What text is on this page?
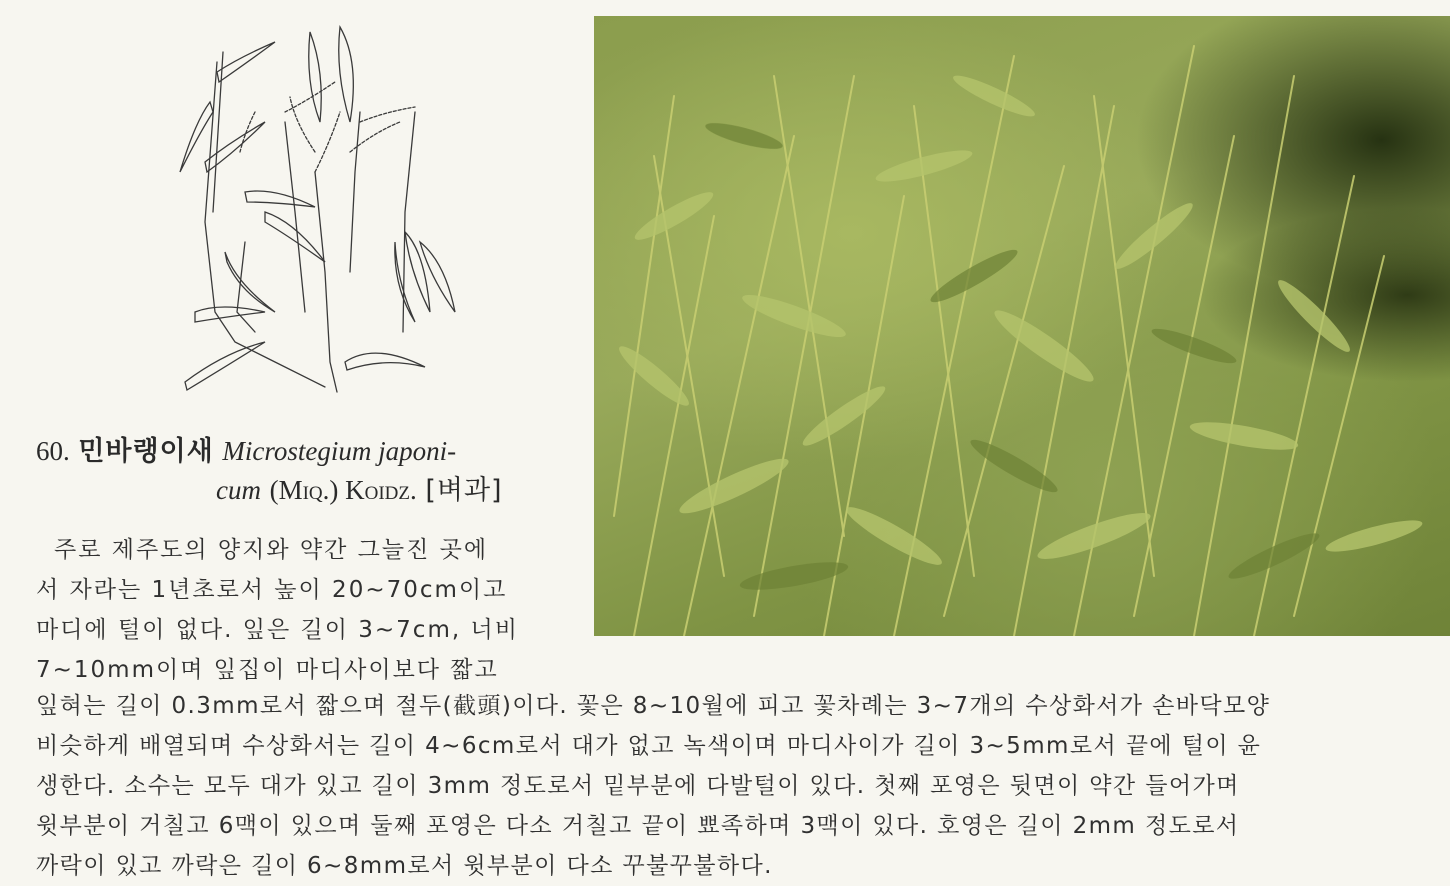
60. 민바랭이새 Microstegium japoni-
cum (Miq.) Koidz. [벼과]
주로 제주도의 양지와 약간 그늘진 곳에
서 자라는 1년초로서 높이 20~70cm이고
마디에 털이 없다. 잎은 길이 3~7cm, 너비
7~10mm이며 잎집이 마디사이보다 짧고
잎혀는 길이 0.3mm로서 짧으며 절두(截頭)이다. 꽃은 8~10월에 피고 꽃차례는 3~7개의 수상화서가 손바닥모양
비슷하게 배열되며 수상화서는 길이 4~6cm로서 대가 없고 녹색이며 마디사이가 길이 3~5mm로서 끝에 털이 윤
생한다. 소수는 모두 대가 있고 길이 3mm 정도로서 밑부분에 다발털이 있다. 첫째 포영은 뒷면이 약간 들어가며
윗부분이 거칠고 6맥이 있으며 둘째 포영은 다소 거칠고 끝이 뾰족하며 3맥이 있다. 호영은 길이 2mm 정도로서
까락이 있고 까락은 길이 6~8mm로서 윗부분이 다소 꾸불꾸불하다.
